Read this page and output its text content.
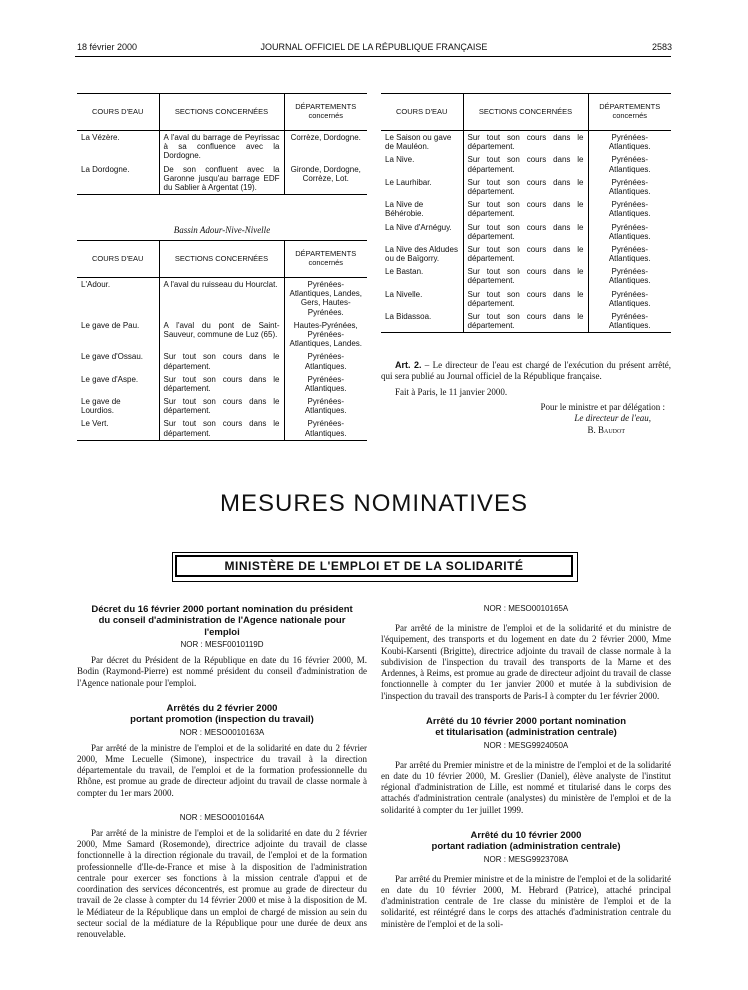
18 février 2000	JOURNAL OFFICIEL DE LA RÉPUBLIQUE FRANÇAISE	2583
COURS D'EAU	SECTIONS CONCERNÉES	DÉPARTEMENTS
concernés
La Vézère.	A l'aval du barrage de Peyrissac à sa confluence avec la Dordogne.	Corrèze, Dordogne.
La Dordogne.	De son confluent avec la Garonne jusqu'au barrage EDF du Sablier à Argentat (19).	Gironde, Dordogne, Corrèze, Lot.
Bassin Adour-Nive-Nivelle
COURS D'EAU	SECTIONS CONCERNÉES	DÉPARTEMENTS
concernés
L'Adour.	A l'aval du ruisseau du Hourclat.	Pyrénées-Atlantiques, Landes, Gers, Hautes-Pyrénées.
Le gave de Pau.	A l'aval du pont de Saint-Sauveur, commune de Luz (65).	Hautes-Pyrénées, Pyrénées-Atlantiques, Landes.
Le gave d'Ossau.	Sur tout son cours dans le département.	Pyrénées-Atlantiques.
Le gave d'Aspe.	Sur tout son cours dans le département.	Pyrénées-Atlantiques.
Le gave de Lourdios.	Sur tout son cours dans le département.	Pyrénées-Atlantiques.
Le Vert.	Sur tout son cours dans le département.	Pyrénées-Atlantiques.
COURS D'EAU	SECTIONS CONCERNÉES	DÉPARTEMENTS
concernés
Le Saison ou gave de Mauléon.	Sur tout son cours dans le département.	Pyrénées-Atlantiques.
La Nive.	Sur tout son cours dans le département.	Pyrénées-Atlantiques.
Le Laurhibar.	Sur tout son cours dans le département.	Pyrénées-Atlantiques.
La Nive de Béhérobie.	Sur tout son cours dans le département.	Pyrénées-Atlantiques.
La Nive d'Arnéguy.	Sur tout son cours dans le département.	Pyrénées-Atlantiques.
La Nive des Aldudes ou de Baïgorry.	Sur tout son cours dans le département.	Pyrénées-Atlantiques.
Le Bastan.	Sur tout son cours dans le département.	Pyrénées-Atlantiques.
La Nivelle.	Sur tout son cours dans le département.	Pyrénées-Atlantiques.
La Bidassoa.	Sur tout son cours dans le département.	Pyrénées-Atlantiques.

Art. 2. – Le directeur de l'eau est chargé de l'exécution du présent arrêté, qui sera publié au Journal officiel de la République française.

Fait à Paris, le 11 janvier 2000.

Pour le ministre et par délégation :
Le directeur de l'eau,
B. Baudot
MESURES NOMINATIVES
MINISTÈRE DE L'EMPLOI ET DE LA SOLIDARITÉ
Décret du 16 février 2000 portant nomination du président du conseil d'administration de l'Agence nationale pour l'emploi
NOR : MESF0010119D

Par décret du Président de la République en date du 16 février 2000, M. Bodin (Raymond-Pierre) est nommé président du conseil d'administration de l'Agence nationale pour l'emploi.

Arrêtés du 2 février 2000
portant promotion (inspection du travail)
NOR : MESO0010163A

Par arrêté de la ministre de l'emploi et de la solidarité en date du 2 février 2000, Mme Lecuelle (Simone), inspectrice du travail à la direction départementale du travail, de l'emploi et de la formation professionnelle du Rhône, est promue au grade de directeur adjoint du travail de classe normale à compter du 1er mars 2000.

NOR : MESO0010164A

Par arrêté de la ministre de l'emploi et de la solidarité en date du 2 février 2000, Mme Samard (Rosemonde), directrice adjointe du travail de classe fonctionnelle à la direction régionale du travail, de l'emploi et de la formation professionnelle d'Ile-de-France et mise à la disposition de l'administration centrale pour exercer ses fonctions à la mission centrale d'appui et de coordination des services déconcentrés, est promue au grade de directeur du travail de 2e classe à compter du 14 février 2000 et mise à la disposition de M. le Médiateur de la République dans un emploi de chargé de mission au sein du secteur social de la médiature de la République pour une durée de deux ans renouvelable.

NOR : MESO0010165A

Par arrêté de la ministre de l'emploi et de la solidarité et du ministre de l'équipement, des transports et du logement en date du 2 février 2000, Mme Koubi-Karsenti (Brigitte), directrice adjointe du travail de classe normale à la subdivision de l'inspection du travail des transports de la Marne et des Ardennes, à Reims, est promue au grade de directeur adjoint du travail de classe fonctionnelle à compter du 1er janvier 2000 et mutée à la subdivision de l'inspection du travail des transports de Paris-I à compter du 1er février 2000.

Arrêté du 10 février 2000 portant nomination
et titularisation (administration centrale)
NOR : MESG9924050A

Par arrêté du Premier ministre et de la ministre de l'emploi et de la solidarité en date du 10 février 2000, M. Greslier (Daniel), élève analyste de l'institut régional d'administration de Lille, est nommé et titularisé dans le corps des attachés d'administration centrale (analystes) du ministère de l'emploi et de la solidarité à compter du 1er juillet 1999.

Arrêté du 10 février 2000
portant radiation (administration centrale)
NOR : MESG9923708A

Par arrêté du Premier ministre et de la ministre de l'emploi et de la solidarité en date du 10 février 2000, M. Hebrard (Patrice), attaché principal d'administration centrale de 1re classe du ministère de l'emploi et de la solidarité, est réintégré dans le corps des attachés d'administration centrale du ministère de l'emploi et de la soli-
